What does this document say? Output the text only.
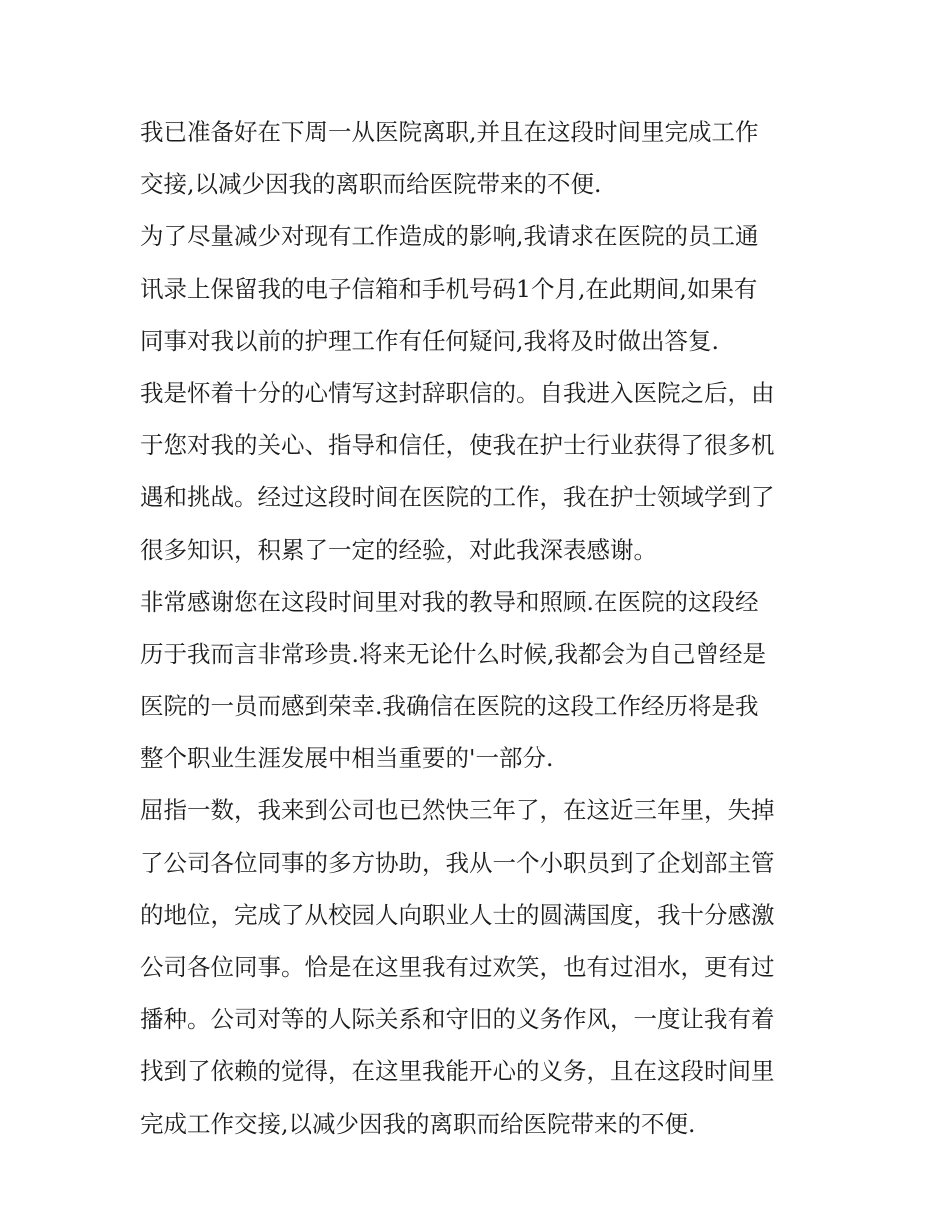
我已准备好在下周一从医院离职,并且在这段时间里完成工作
交接,以减少因我的离职而给医院带来的不便.
为了尽量减少对现有工作造成的影响,我请求在医院的员工通
讯录上保留我的电子信箱和手机号码1个月,在此期间,如果有
同事对我以前的护理工作有任何疑问,我将及时做出答复.
我是怀着十分的心情写这封辞职信的。自我进入医院之后，由
于您对我的关心、指导和信任，使我在护士行业获得了很多机
遇和挑战。经过这段时间在医院的工作，我在护士领域学到了
很多知识，积累了一定的经验，对此我深表感谢。
非常感谢您在这段时间里对我的教导和照顾.在医院的这段经
历于我而言非常珍贵.将来无论什么时候,我都会为自己曾经是
医院的一员而感到荣幸.我确信在医院的这段工作经历将是我
整个职业生涯发展中相当重要的'一部分.
屈指一数，我来到公司也已然快三年了，在这近三年里，失掉
了公司各位同事的多方协助，我从一个小职员到了企划部主管
的地位，完成了从校园人向职业人士的圆满国度，我十分感激
公司各位同事。恰是在这里我有过欢笑，也有过泪水，更有过
播种。公司对等的人际关系和守旧的义务作风，一度让我有着
找到了依赖的觉得，在这里我能开心的义务，且在这段时间里
完成工作交接,以减少因我的离职而给医院带来的不便.
